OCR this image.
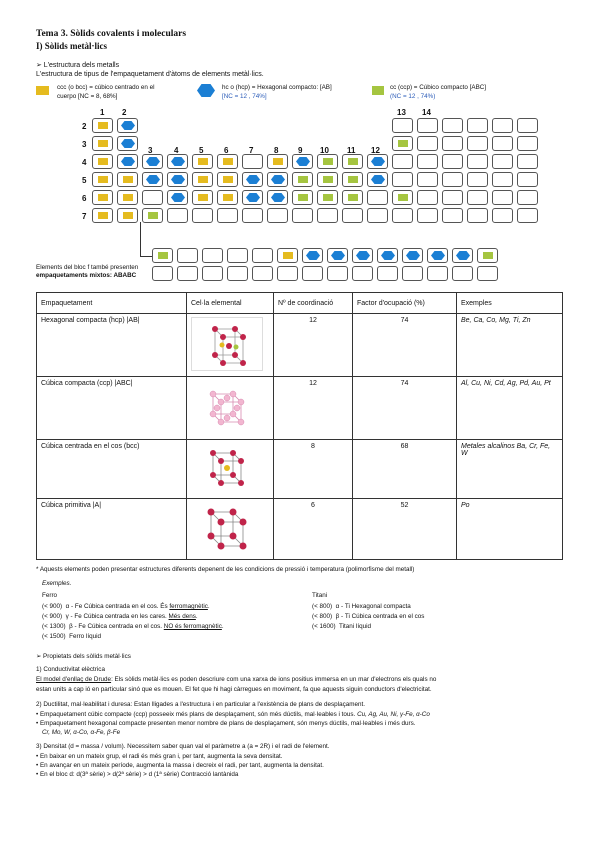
Tema 3. Sòlids covalents i moleculars
I) Sòlids metàl·lics
➢ L'estructura dels metalls
L'estructura de tipus de l'empaquetament d'àtoms de elements metàl·lics.
ccc (o bcc) = cúbico centrado en el
cuerpo [NC = 8, 68%]
hc o (hcp) = Hexagonal compacto: [AB]
[NC = 12 , 74%]
cc (ccp) = Cúbico compacto [ABC]
(NC = 12 , 74%)
1 2
3	4	5	6	7	8 9 10 11 12
13 14
2
3
4
5
6
7
Elements del bloc f també presenten
empaquetaments mixtos: ABABC
Empaquetament	Cel·la elemental	Nº de coordinació	Factor d'ocupació (%)	Exemples
Hexagonal compacta (hcp) |AB|		12	74	Be, Ca, Co, Mg, Ti, Zn
Cúbica compacta (ccp) |ABC|		12	74	Al, Cu, Ni, Cd, Ag, Pd, Au, Pt
Cúbica centrada en el cos (bcc)		8	68	Metales alcalinos Ba, Cr, Fe, W
Cúbica primitiva |A|		6	52	Po
* Aquests elements poden presentar estructures diferents depenent de les condicions de pressió i temperatura (polimorfisme del metall)
Exemples.
Ferro
(< 900) α - Fe Cúbica centrada en el cos. És ferromagnètic.
(< 900) γ - Fe Cúbica centrada en les cares. Més dens.
(< 1300) β - Fe Cúbica centrada en el cos. NO és ferromagnètic.
(< 1500) Ferro líquid
Titani
(< 800) α - Ti Hexagonal compacta
(< 800) β - Ti Cúbica centrada en el cos
(< 1600) Titani líquid
➢ Propietats dels sòlids metàl·lics
1) Conductivitat elèctrica
El model d'enllaç de Drude: Els sòlids metàl·lics es poden descriure com una xarxa de ions positius immersa en un mar d'electrons els quals no
estan units a cap ió en particular sinó que es mouen. El fet que hi hagi càrregues en moviment, fa que aquests siguin conductors d'electricitat.
2) Ductilitat, mal·leabilitat i duresa: Estan lligades a l'estructura i en particular a l'existència de plans de desplaçament.
• Empaquetament cúbic compacte (ccp) posseeix més plans de desplaçament, són més dúctils, mal·leables i tous. Cu, Ag, Au, Ni, γ-Fe, α-Co
• Empaquetament hexagonal compacte presenten menor nombre de plans de desplaçament, són menys dúctils, mal·leables i més durs.
Cr, Mo, W, α-Co, α-Fe, β-Fe
3) Densitat (d = massa / volum). Necessitem saber quan val el paràmetre a (a = 2R) i el radi de l'element.
• En baixar en un mateix grup, el radi és més gran i, per tant, augmenta la seva densitat.
• En avançar en un mateix període, augmenta la massa i decreix el radi, per tant, augmenta la densitat.
• En el bloc d: d(3ª sèrie) > d(2ª sèrie) > d (1ª sèrie) Contracció lantànida
